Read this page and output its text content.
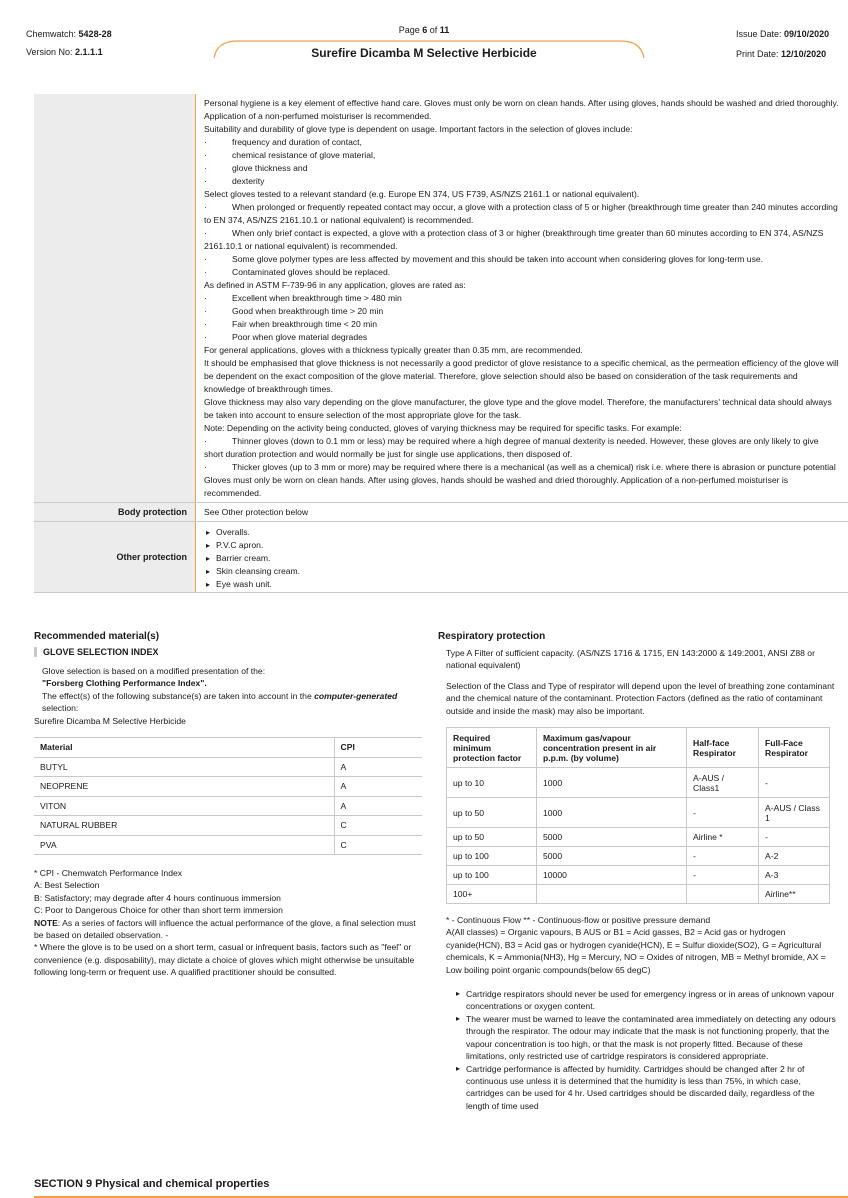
Chemwatch: 5428-28
Version No: 2.1.1.1
Page 6 of 11	Issue Date: 09/10/2020
Print Date: 12/10/2020
Surefire Dicamba M Selective Herbicide

Personal hygiene is a key element of effective hand care. Gloves must only be worn on clean hands. After using gloves, hands should be washed and dried thoroughly. Application of a non-perfumed moisturiser is recommended.

Suitability and durability of glove type is dependent on usage. Important factors in the selection of gloves include:

· frequency and duration of contact,

· chemical resistance of glove material,

· glove thickness and

· dexterity

Select gloves tested to a relevant standard (e.g. Europe EN 374, US F739, AS/NZS 2161.1 or national equivalent).

·	When prolonged or frequently repeated contact may occur, a glove with a protection class of 5 or higher (breakthrough time greater than 240 minutes according to EN 374, AS/NZS 2161.10.1 or national equivalent) is recommended.

·	When only brief contact is expected, a glove with a protection class of 3 or higher (breakthrough time greater than 60 minutes according to EN 374, AS/NZS 2161.10.1 or national equivalent) is recommended.

·	Some glove polymer types are less affected by movement and this should be taken into account when considering gloves for long-term use.

·	Contaminated gloves should be replaced.

As defined in ASTM F-739-96 in any application, gloves are rated as:

· Excellent when breakthrough time > 480 min

· Good when breakthrough time > 20 min

· Fair when breakthrough time < 20 min

· Poor when glove material degrades

For general applications, gloves with a thickness typically greater than 0.35 mm, are recommended.

It should be emphasised that glove thickness is not necessarily a good predictor of glove resistance to a specific chemical, as the permeation efficiency of the glove will be dependent on the exact composition of the glove material. Therefore, glove selection should also be based on consideration of the task requirements and knowledge of breakthrough times.

Glove thickness may also vary depending on the glove manufacturer, the glove type and the glove model. Therefore, the manufacturers' technical data should always be taken into account to ensure selection of the most appropriate glove for the task.

Note: Depending on the activity being conducted, gloves of varying thickness may be required for specific tasks. For example:

·	Thinner gloves (down to 0.1 mm or less) may be required where a high degree of manual dexterity is needed. However, these gloves are only likely to give short duration protection and would normally be just for single use applications, then disposed of.

·	Thicker gloves (up to 3 mm or more) may be required where there is a mechanical (as well as a chemical) risk i.e. where there is abrasion or puncture potential

Gloves must only be worn on clean hands. After using gloves, hands should be washed and dried thoroughly. Application of a non-perfumed moisturiser is recommended.

Body protection	See Other protection below
Other protection

▸ Overalls.

▸ P.V.C apron.

▸ Barrier cream.

▸ Skin cleansing cream.

▸ Eye wash unit.

Recommended material(s)
GLOVE SELECTION INDEX

Glove selection is based on a modified presentation of the:

"Forsberg Clothing Performance Index".

The effect(s) of the following substance(s) are taken into account in the computer-generated selection:

Surefire Dicamba M Selective Herbicide
Material	CPI
BUTYL	A
NEOPRENE	A
VITON	A
NATURAL RUBBER	C
PVA	C

* CPI - Chemwatch Performance Index

A: Best Selection

B: Satisfactory; may degrade after 4 hours continuous immersion

C: Poor to Dangerous Choice for other than short term immersion

NOTE: As a series of factors will influence the actual performance of the glove, a final selection must be based on detailed observation. -

* Where the glove is to be used on a short term, casual or infrequent basis, factors such as "feel" or convenience (e.g. disposability), may dictate a choice of gloves which might otherwise be unsuitable following long-term or frequent use. A qualified practitioner should be consulted.

Respiratory protection

Type A Filter of sufficient capacity. (AS/NZS 1716 & 1715, EN 143:2000 & 149:2001, ANSI Z88 or national equivalent)

Selection of the Class and Type of respirator will depend upon the level of breathing zone contaminant and the chemical nature of the contaminant. Protection Factors (defined as the ratio of contaminant outside and inside the mask) may also be important.

Required minimum protection factor	Maximum gas/vapour concentration present in air p.p.m. (by volume)	Half-face Respirator	Full-Face Respirator
up to 10	1000	A-AUS / Class1	-
up to 50	1000	-	A-AUS / Class 1
up to 50	5000	Airline *	-
up to 100	5000	-	A-2
up to 100	10000	-	A-3
100+			Airline**

* - Continuous Flow ** - Continuous-flow or positive pressure demand

A(All classes) = Organic vapours, B AUS or B1 = Acid gasses, B2 = Acid gas or hydrogen cyanide(HCN), B3 = Acid gas or hydrogen cyanide(HCN), E = Sulfur dioxide(SO2), G = Agricultural chemicals, K = Ammonia(NH3), Hg = Mercury, NO = Oxides of nitrogen, MB = Methyl bromide, AX = Low boiling point organic compounds(below 65 degC)

▸ Cartridge respirators should never be used for emergency ingress or in areas of unknown vapour concentrations or oxygen content.

▸ The wearer must be warned to leave the contaminated area immediately on detecting any odours through the respirator. The odour may indicate that the mask is not functioning properly, that the vapour concentration is too high, or that the mask is not properly fitted. Because of these limitations, only restricted use of cartridge respirators is considered appropriate.

▸ Cartridge performance is affected by humidity. Cartridges should be changed after 2 hr of continuous use unless it is determined that the humidity is less than 75%, in which case, cartridges can be used for 4 hr. Used cartridges should be discarded daily, regardless of the length of time used

SECTION 9 Physical and chemical properties
